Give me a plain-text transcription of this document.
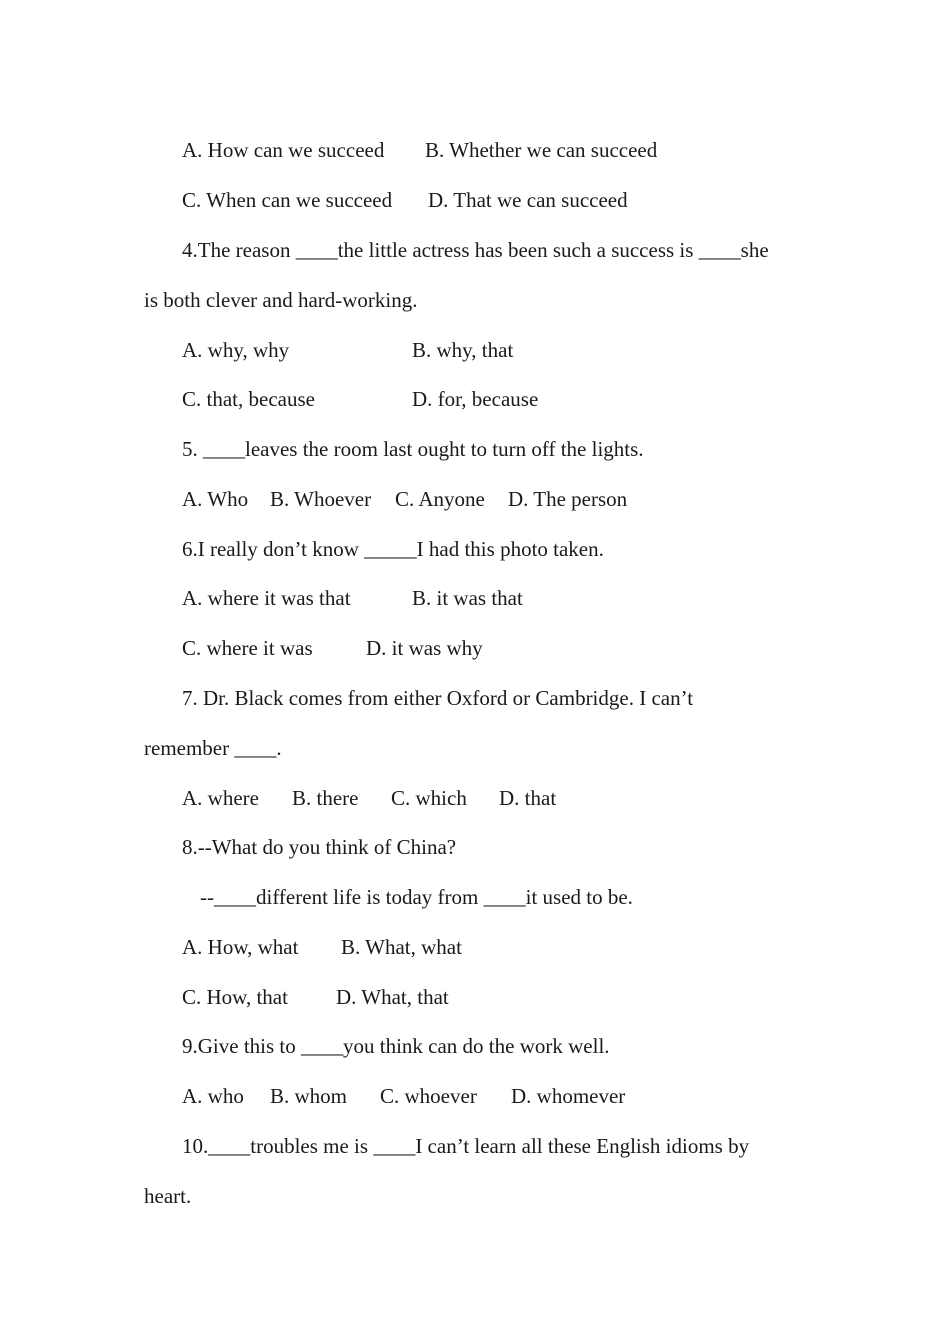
A. How can we succeed B. Whether we can succeed
C. When can we succeed D. That we can succeed
4.The reason ____the little actress has been such a success is ____she
is both clever and hard-working.
A. why, why	B. why, that
C. that, because	D. for, because
5. ____leaves the room last ought to turn off the lights.
A. Who B. Whoever C. Anyone D. The person
6.I really don’t know _____I had this photo taken.
A. where it was that	B. it was that
C. where it was	D. it was why
7. Dr. Black comes from either Oxford or Cambridge. I can’t
remember ____.
A. where B. there C. which D. that
8.--What do you think of China?
--____different life is today from ____it used to be.
A. How, what B. What, what
C. How, that D. What, that
9.Give this to ____you think can do the work well.
A. who B. whom C. whoever D. whomever
10.____troubles me is ____I can’t learn all these English idioms by
heart.
